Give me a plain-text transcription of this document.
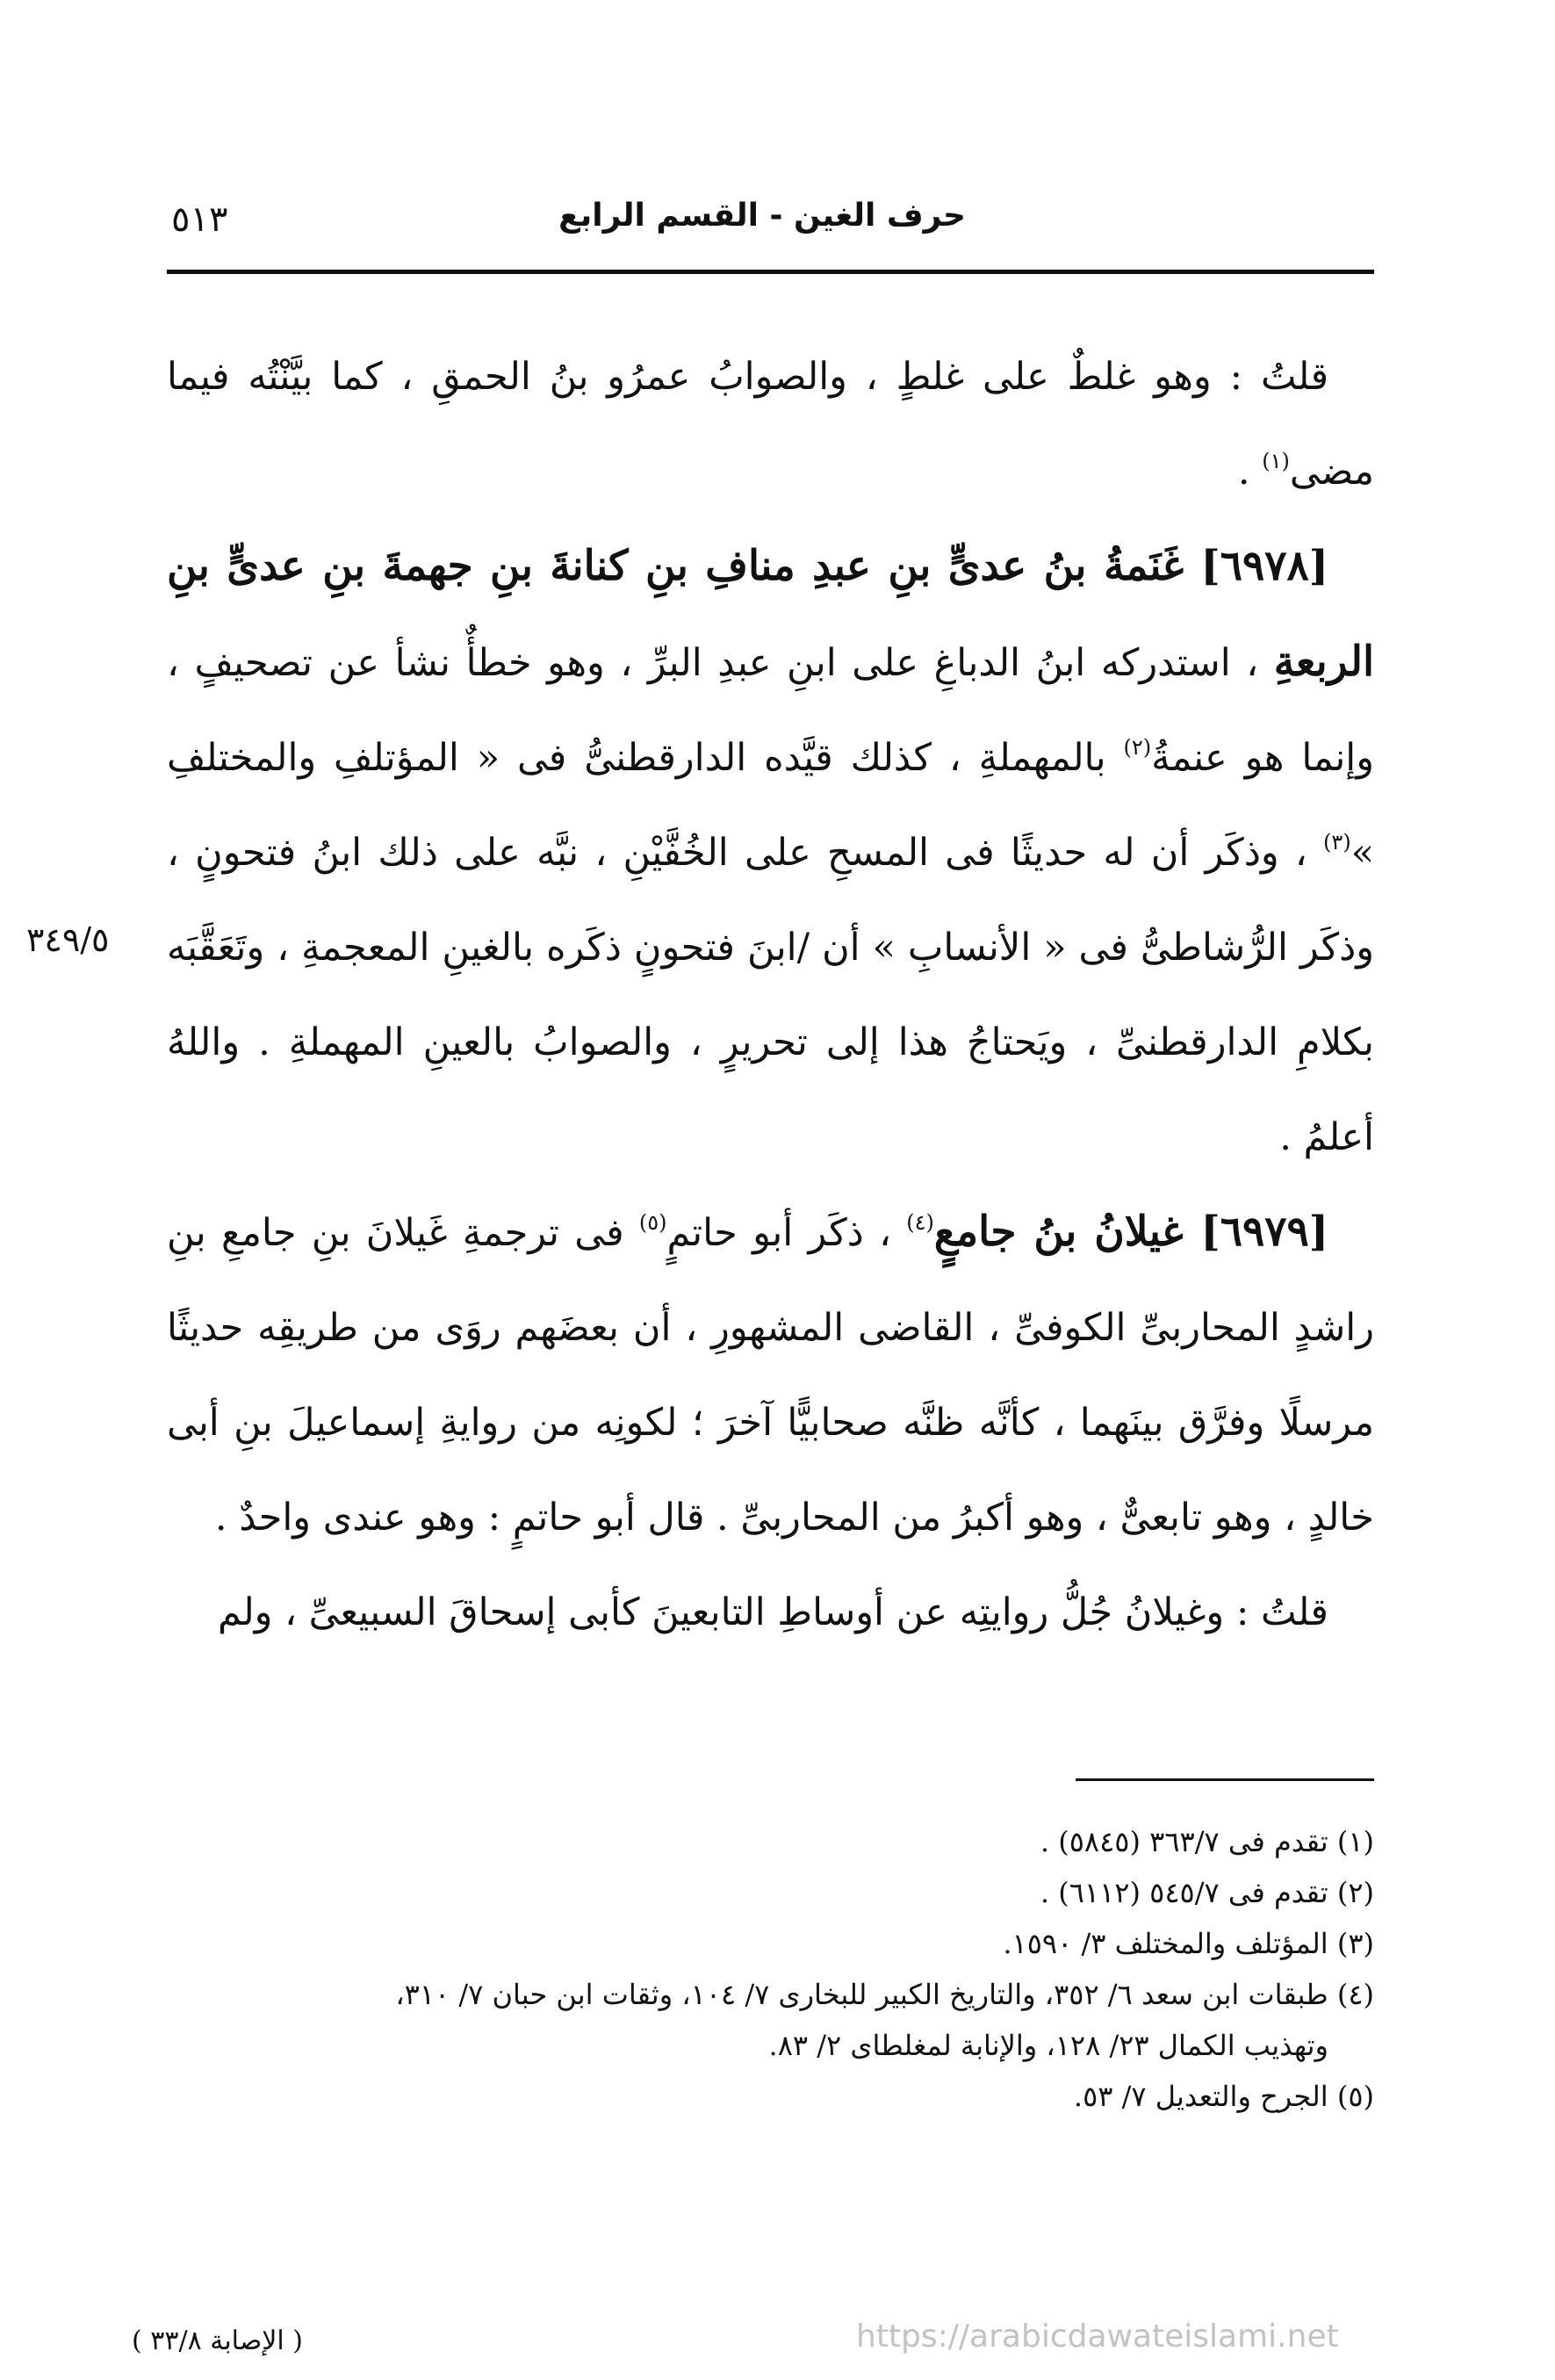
حرف الغين - القسم الرابع
٥١٣

قلتُ : وهو غلطٌ على غلطٍ ، والصوابُ عمرُو بنُ الحمقِ ، كما بيَّنْتُه فيما مضى$^{(١)}$ .

[٦٩٧٨] غَنَمةُ بنُ عدىٍّ بنِ عبدِ منافِ بنِ كنانةَ بنِ جهمةَ بنِ عدىٍّ بنِ الربعةِ ، استدركه ابنُ الدباغِ على ابنِ عبدِ البرِّ ، وهو خطأٌ نشأ عن تصحيفٍ ، وإنما هو عنمةُ$^{(٢)}$ بالمهملةِ ، كذلك قيَّده الدارقطنىُّ فى « المؤتلفِ والمختلفِ »$^{(٣)}$ ، وذكَر أن له حديثًا فى المسحِ على الخُفَّيْنِ ، نبَّه على ذلك ابنُ فتحونٍ ، وذكَر الرُّشاطىُّ فى « الأنسابِ » أن /ابنَ فتحونٍ ذكَره بالغينِ المعجمةِ ، وتَعَقَّبَه بكلامِ الدارقطنىِّ ، ويَحتاجُ هذا إلى تحريرٍ ، والصوابُ بالعينِ المهملةِ . واللهُ أعلمُ .

[٦٩٧٩] غيلانُ بنُ جامعٍ$^{(٤)}$ ، ذكَر أبو حاتمٍ$^{(٥)}$ فى ترجمةِ غَيلانَ بنِ جامعِ بنِ راشدٍ المحاربىِّ الكوفىِّ ، القاضى المشهورِ ، أن بعضَهم روَى من طريقِه حديثًا مرسلًا وفرَّق بينَهما ، كأنَّه ظنَّه صحابيًّا آخرَ ؛ لكونِه من روايةِ إسماعيلَ بنِ أبى خالدٍ ، وهو تابعىٌّ ، وهو أكبرُ من المحاربىِّ . قال أبو حاتمٍ : وهو عندى واحدٌ .

قلتُ : وغيلانُ جُلُّ روايتِه عن أوساطِ التابعينَ كأبى إسحاقَ السبيعىِّ ، ولم

٣٤٩/٥

(١) تقدم فى ٣٦٣/٧ (٥٨٤٥) .

(٢) تقدم فى ٥٤٥/٧ (٦١١٢) .

(٣) المؤتلف والمختلف ٣/ ١٥٩٠.

(٤) طبقات ابن سعد ٦/ ٣٥٢، والتاريخ الكبير للبخارى ٧/ ١٠٤، وثقات ابن حبان ٧/ ٣١٠،

وتهذيب الكمال ٢٣/ ١٢٨، والإنابة لمغلطاى ٢/ ٨٣.

(٥) الجرح والتعديل ٧/ ٥٣.

( الإصابة ٣٣/٨ )	https://arabicdawateislami.net
